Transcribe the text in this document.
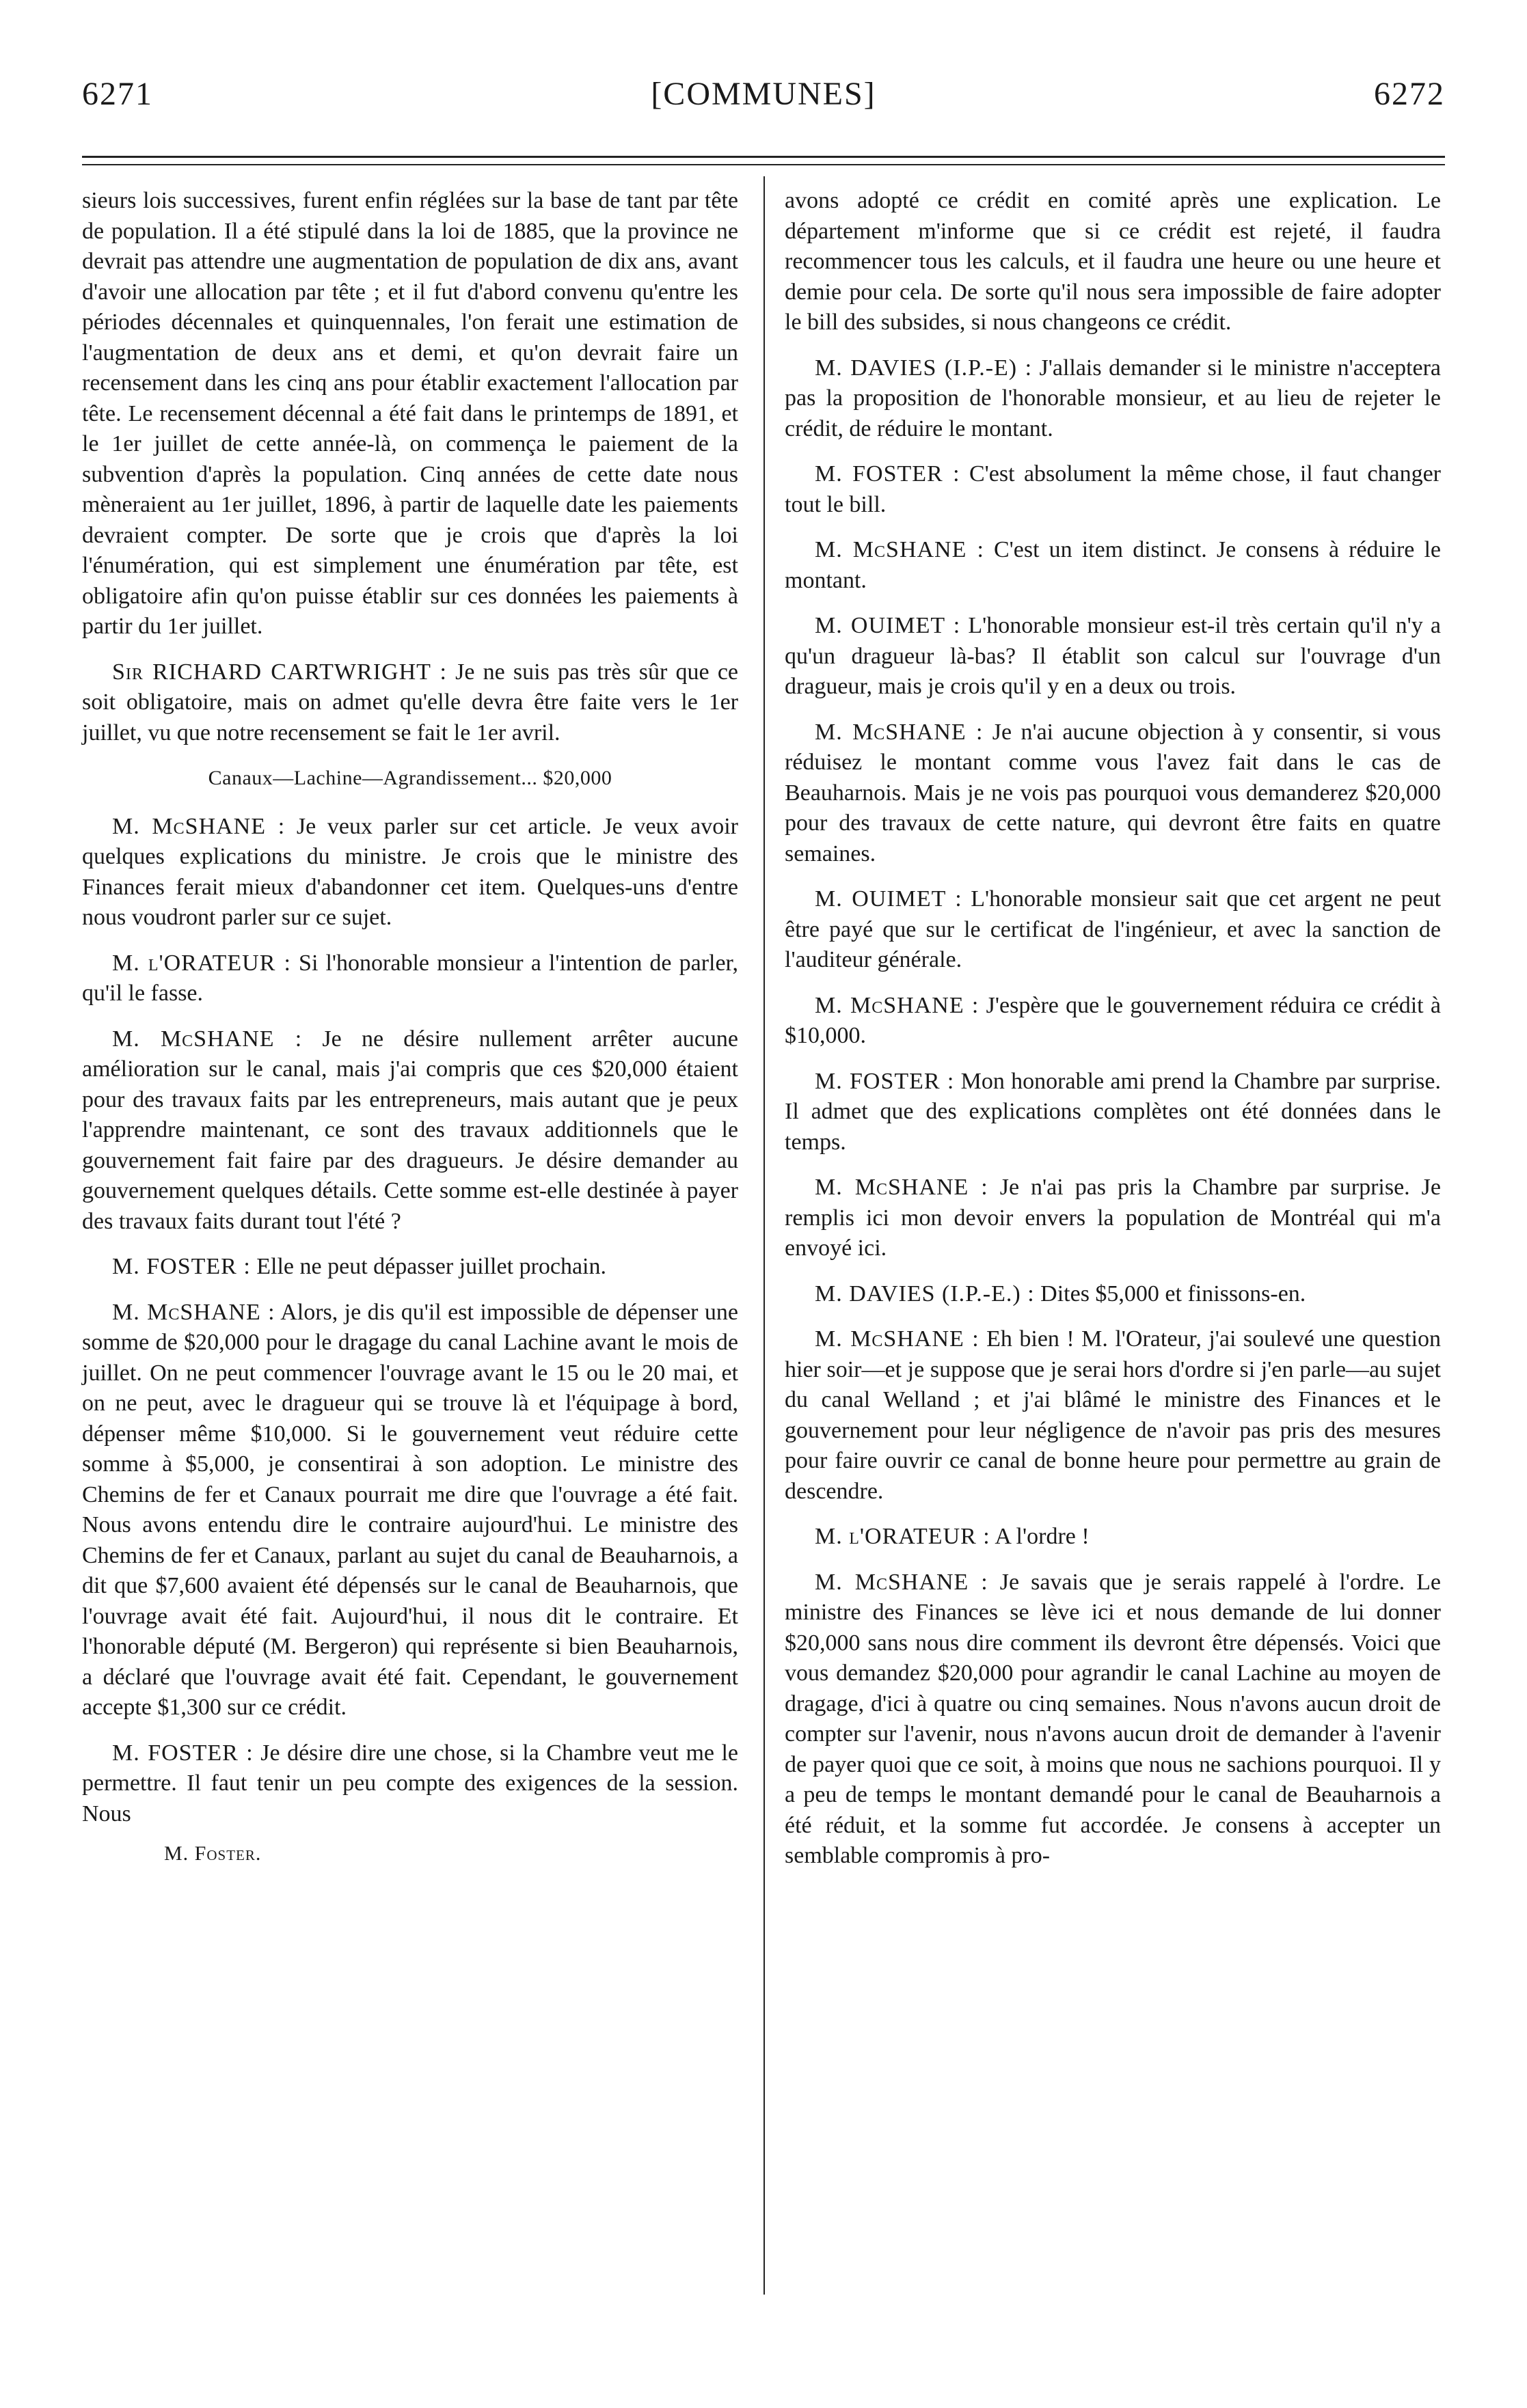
6271	[COMMUNES]	6272

sieurs lois successives, furent enfin réglées sur la base de tant par tête de population. Il a été stipulé dans la loi de 1885, que la province ne devrait pas attendre une augmentation de population de dix ans, avant d'avoir une allocation par tête ; et il fut d'abord convenu qu'entre les périodes décennales et quinquennales, l'on ferait une estimation de l'augmentation de deux ans et demi, et qu'on devrait faire un recensement dans les cinq ans pour établir exactement l'allocation par tête. Le recensement décennal a été fait dans le printemps de 1891, et le 1er juillet de cette année-là, on commença le paiement de la subvention d'après la population. Cinq années de cette date nous mèneraient au 1er juillet, 1896, à partir de laquelle date les paiements devraient compter. De sorte que je crois que d'après la loi l'énumération, qui est simplement une énumération par tête, est obligatoire afin qu'on puisse établir sur ces données les paiements à partir du 1er juillet.

Sir RICHARD CARTWRIGHT : Je ne suis pas très sûr que ce soit obligatoire, mais on admet qu'elle devra être faite vers le 1er juillet, vu que notre recensement se fait le 1er avril.

Canaux—Lachine—Agrandissement... $20,000

M. McSHANE : Je veux parler sur cet article. Je veux avoir quelques explications du ministre. Je crois que le ministre des Finances ferait mieux d'abandonner cet item. Quelques-uns d'entre nous voudront parler sur ce sujet.

M. l'ORATEUR : Si l'honorable monsieur a l'intention de parler, qu'il le fasse.

M. McSHANE : Je ne désire nullement arrêter aucune amélioration sur le canal, mais j'ai compris que ces $20,000 étaient pour des travaux faits par les entrepreneurs, mais autant que je peux l'apprendre maintenant, ce sont des travaux additionnels que le gouvernement fait faire par des dragueurs. Je désire demander au gouvernement quelques détails. Cette somme est-elle destinée à payer des travaux faits durant tout l'été ?

M. FOSTER : Elle ne peut dépasser juillet prochain.

M. McSHANE : Alors, je dis qu'il est impossible de dépenser une somme de $20,000 pour le dragage du canal Lachine avant le mois de juillet. On ne peut commencer l'ouvrage avant le 15 ou le 20 mai, et on ne peut, avec le dragueur qui se trouve là et l'équipage à bord, dépenser même $10,000. Si le gouvernement veut réduire cette somme à $5,000, je consentirai à son adoption. Le ministre des Chemins de fer et Canaux pourrait me dire que l'ouvrage a été fait. Nous avons entendu dire le contraire aujourd'hui. Le ministre des Chemins de fer et Canaux, parlant au sujet du canal de Beauharnois, a dit que $7,600 avaient été dépensés sur le canal de Beauharnois, que l'ouvrage avait été fait. Aujourd'hui, il nous dit le contraire. Et l'honorable député (M. Bergeron) qui représente si bien Beauharnois, a déclaré que l'ouvrage avait été fait. Cependant, le gouvernement accepte $1,300 sur ce crédit.

M. FOSTER : Je désire dire une chose, si la Chambre veut me le permettre. Il faut tenir un peu compte des exigences de la session. Nous

M. Foster.

avons adopté ce crédit en comité après une explication. Le département m'informe que si ce crédit est rejeté, il faudra recommencer tous les calculs, et il faudra une heure ou une heure et demie pour cela. De sorte qu'il nous sera impossible de faire adopter le bill des subsides, si nous changeons ce crédit.

M. DAVIES (I.P.-E) : J'allais demander si le ministre n'acceptera pas la proposition de l'honorable monsieur, et au lieu de rejeter le crédit, de réduire le montant.

M. FOSTER : C'est absolument la même chose, il faut changer tout le bill.

M. McSHANE : C'est un item distinct. Je consens à réduire le montant.

M. OUIMET : L'honorable monsieur est-il très certain qu'il n'y a qu'un dragueur là-bas? Il établit son calcul sur l'ouvrage d'un dragueur, mais je crois qu'il y en a deux ou trois.

M. McSHANE : Je n'ai aucune objection à y consentir, si vous réduisez le montant comme vous l'avez fait dans le cas de Beauharnois. Mais je ne vois pas pourquoi vous demanderez $20,000 pour des travaux de cette nature, qui devront être faits en quatre semaines.

M. OUIMET : L'honorable monsieur sait que cet argent ne peut être payé que sur le certificat de l'ingénieur, et avec la sanction de l'auditeur générale.

M. McSHANE : J'espère que le gouvernement réduira ce crédit à $10,000.

M. FOSTER : Mon honorable ami prend la Chambre par surprise. Il admet que des explications complètes ont été données dans le temps.

M. McSHANE : Je n'ai pas pris la Chambre par surprise. Je remplis ici mon devoir envers la population de Montréal qui m'a envoyé ici.

M. DAVIES (I.P.-E.) : Dites $5,000 et finissons-en.

M. McSHANE : Eh bien ! M. l'Orateur, j'ai soulevé une question hier soir—et je suppose que je serai hors d'ordre si j'en parle—au sujet du canal Welland ; et j'ai blâmé le ministre des Finances et le gouvernement pour leur négligence de n'avoir pas pris des mesures pour faire ouvrir ce canal de bonne heure pour permettre au grain de descendre.

M. l'ORATEUR : A l'ordre !

M. McSHANE : Je savais que je serais rappelé à l'ordre. Le ministre des Finances se lève ici et nous demande de lui donner $20,000 sans nous dire comment ils devront être dépensés. Voici que vous demandez $20,000 pour agrandir le canal Lachine au moyen de dragage, d'ici à quatre ou cinq semaines. Nous n'avons aucun droit de compter sur l'avenir, nous n'avons aucun droit de demander à l'avenir de payer quoi que ce soit, à moins que nous ne sachions pourquoi. Il y a peu de temps le montant demandé pour le canal de Beauharnois a été réduit, et la somme fut accordée. Je consens à accepter un semblable compromis à pro-
